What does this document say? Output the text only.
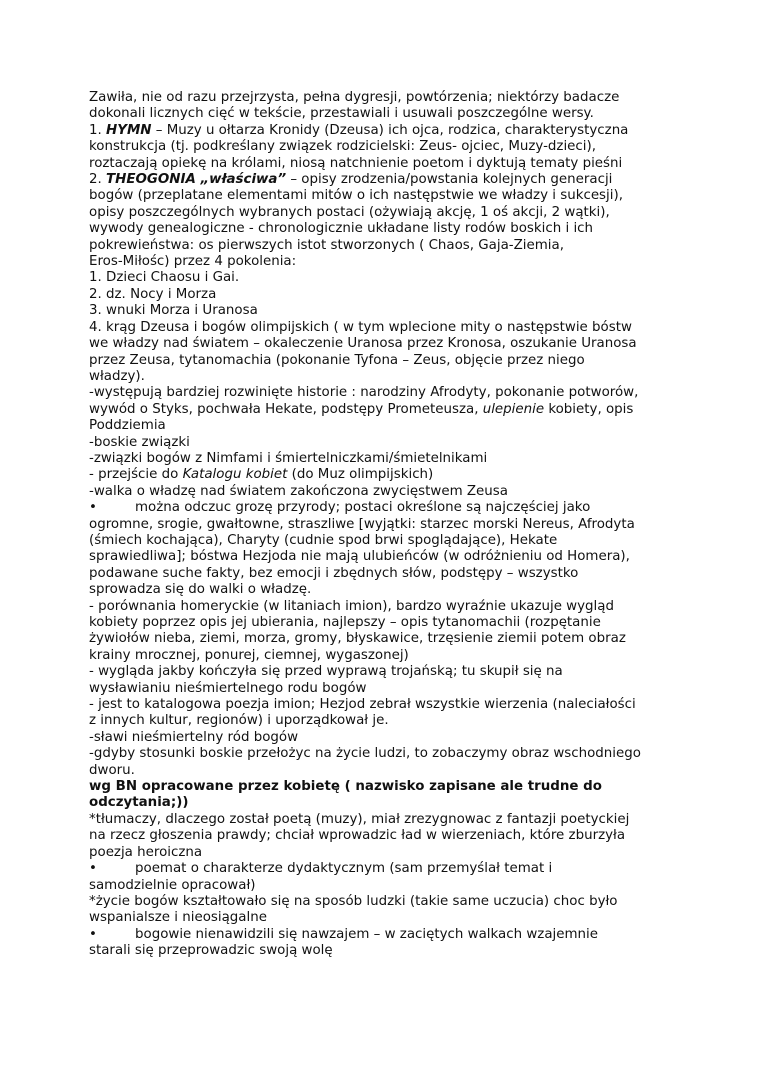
Zawiła, nie od razu przejrzysta, pełna dygresji, powtórzenia; niektórzy badacze
dokonali licznych cięć w tekście, przestawiali i usuwali poszczególne wersy.
1. HYMN – Muzy u ołtarza Kronidy (Dzeusa) ich ojca, rodzica, charakterystyczna
konstrukcja (tj. podkreślany związek rodzicielski: Zeus- ojciec, Muzy-dzieci),
roztaczają opiekę na królami, niosą natchnienie poetom i dyktują tematy pieśni
2. THEOGONIA „właściwa” – opisy zrodzenia/powstania kolejnych generacji
bogów (przeplatane elementami mitów o ich następstwie we władzy i sukcesji),
opisy poszczególnych wybranych postaci (ożywiają akcję, 1 oś akcji, 2 wątki),
wywody genealogiczne - chronologicznie układane listy rodów boskich i ich
pokrewieństwa: os pierwszych istot stworzonych ( Chaos, Gaja-Ziemia,
Eros-Miłośc) przez 4 pokolenia:
1. Dzieci Chaosu i Gai.
2. dz. Nocy i Morza
3. wnuki Morza i Uranosa
4. krąg Dzeusa i bogów olimpijskich ( w tym wplecione mity o następstwie bóstw
we władzy nad światem – okaleczenie Uranosa przez Kronosa, oszukanie Uranosa
przez Zeusa, tytanomachia (pokonanie Tyfona – Zeus, objęcie przez niego
władzy).
-występują bardziej rozwinięte historie : narodziny Afrodyty, pokonanie potworów,
wywód o Styks, pochwała Hekate, podstępy Prometeusza, ulepienie kobiety, opis
Poddziemia
-boskie związki
-związki bogów z Nimfami i śmiertelniczkami/śmietelnikami
- przejście do Katalogu kobiet (do Muz olimpijskich)
-walka o władzę nad światem zakończona zwycięstwem Zeusa
•	można odczuc grozę przyrody; postaci określone są najczęściej jako
ogromne, srogie, gwałtowne, straszliwe [wyjątki: starzec morski Nereus, Afrodyta
(śmiech kochająca), Charyty (cudnie spod brwi spoglądające), Hekate
sprawiedliwa]; bóstwa Hezjoda nie mają ulubieńców (w odróżnieniu od Homera),
podawane suche fakty, bez emocji i zbędnych słów, podstępy – wszystko
sprowadza się do walki o władzę.
- porównania homeryckie (w litaniach imion), bardzo wyraźnie ukazuje wygląd
kobiety poprzez opis jej ubierania, najlepszy – opis tytanomachii (rozpętanie
żywiołów nieba, ziemi, morza, gromy, błyskawice, trzęsienie ziemii potem obraz
krainy mrocznej, ponurej, ciemnej, wygaszonej)
- wygląda jakby kończyła się przed wyprawą trojańską; tu skupił się na
wysławianiu nieśmiertelnego rodu bogów
- jest to katalogowa poezja imion; Hezjod zebrał wszystkie wierzenia (naleciałości
z innych kultur, regionów) i uporządkował je.
-sławi nieśmiertelny ród bogów
-gdyby stosunki boskie przełożyc na życie ludzi, to zobaczymy obraz wschodniego
dworu.
wg BN opracowane przez kobietę ( nazwisko zapisane ale trudne do
odczytania;))
*tłumaczy, dlaczego został poetą (muzy), miał zrezygnowac z fantazji poetyckiej
na rzecz głoszenia prawdy; chciał wprowadzic ład w wierzeniach, które zburzyła
poezja heroiczna
•	poemat o charakterze dydaktycznym (sam przemyślał temat i
samodzielnie opracował)
*życie bogów kształtowało się na sposób ludzki (takie same uczucia) choc było
wspanialsze i nieosiągalne
•	bogowie nienawidzili się nawzajem – w zaciętych walkach wzajemnie
starali się przeprowadzic swoją wolę
